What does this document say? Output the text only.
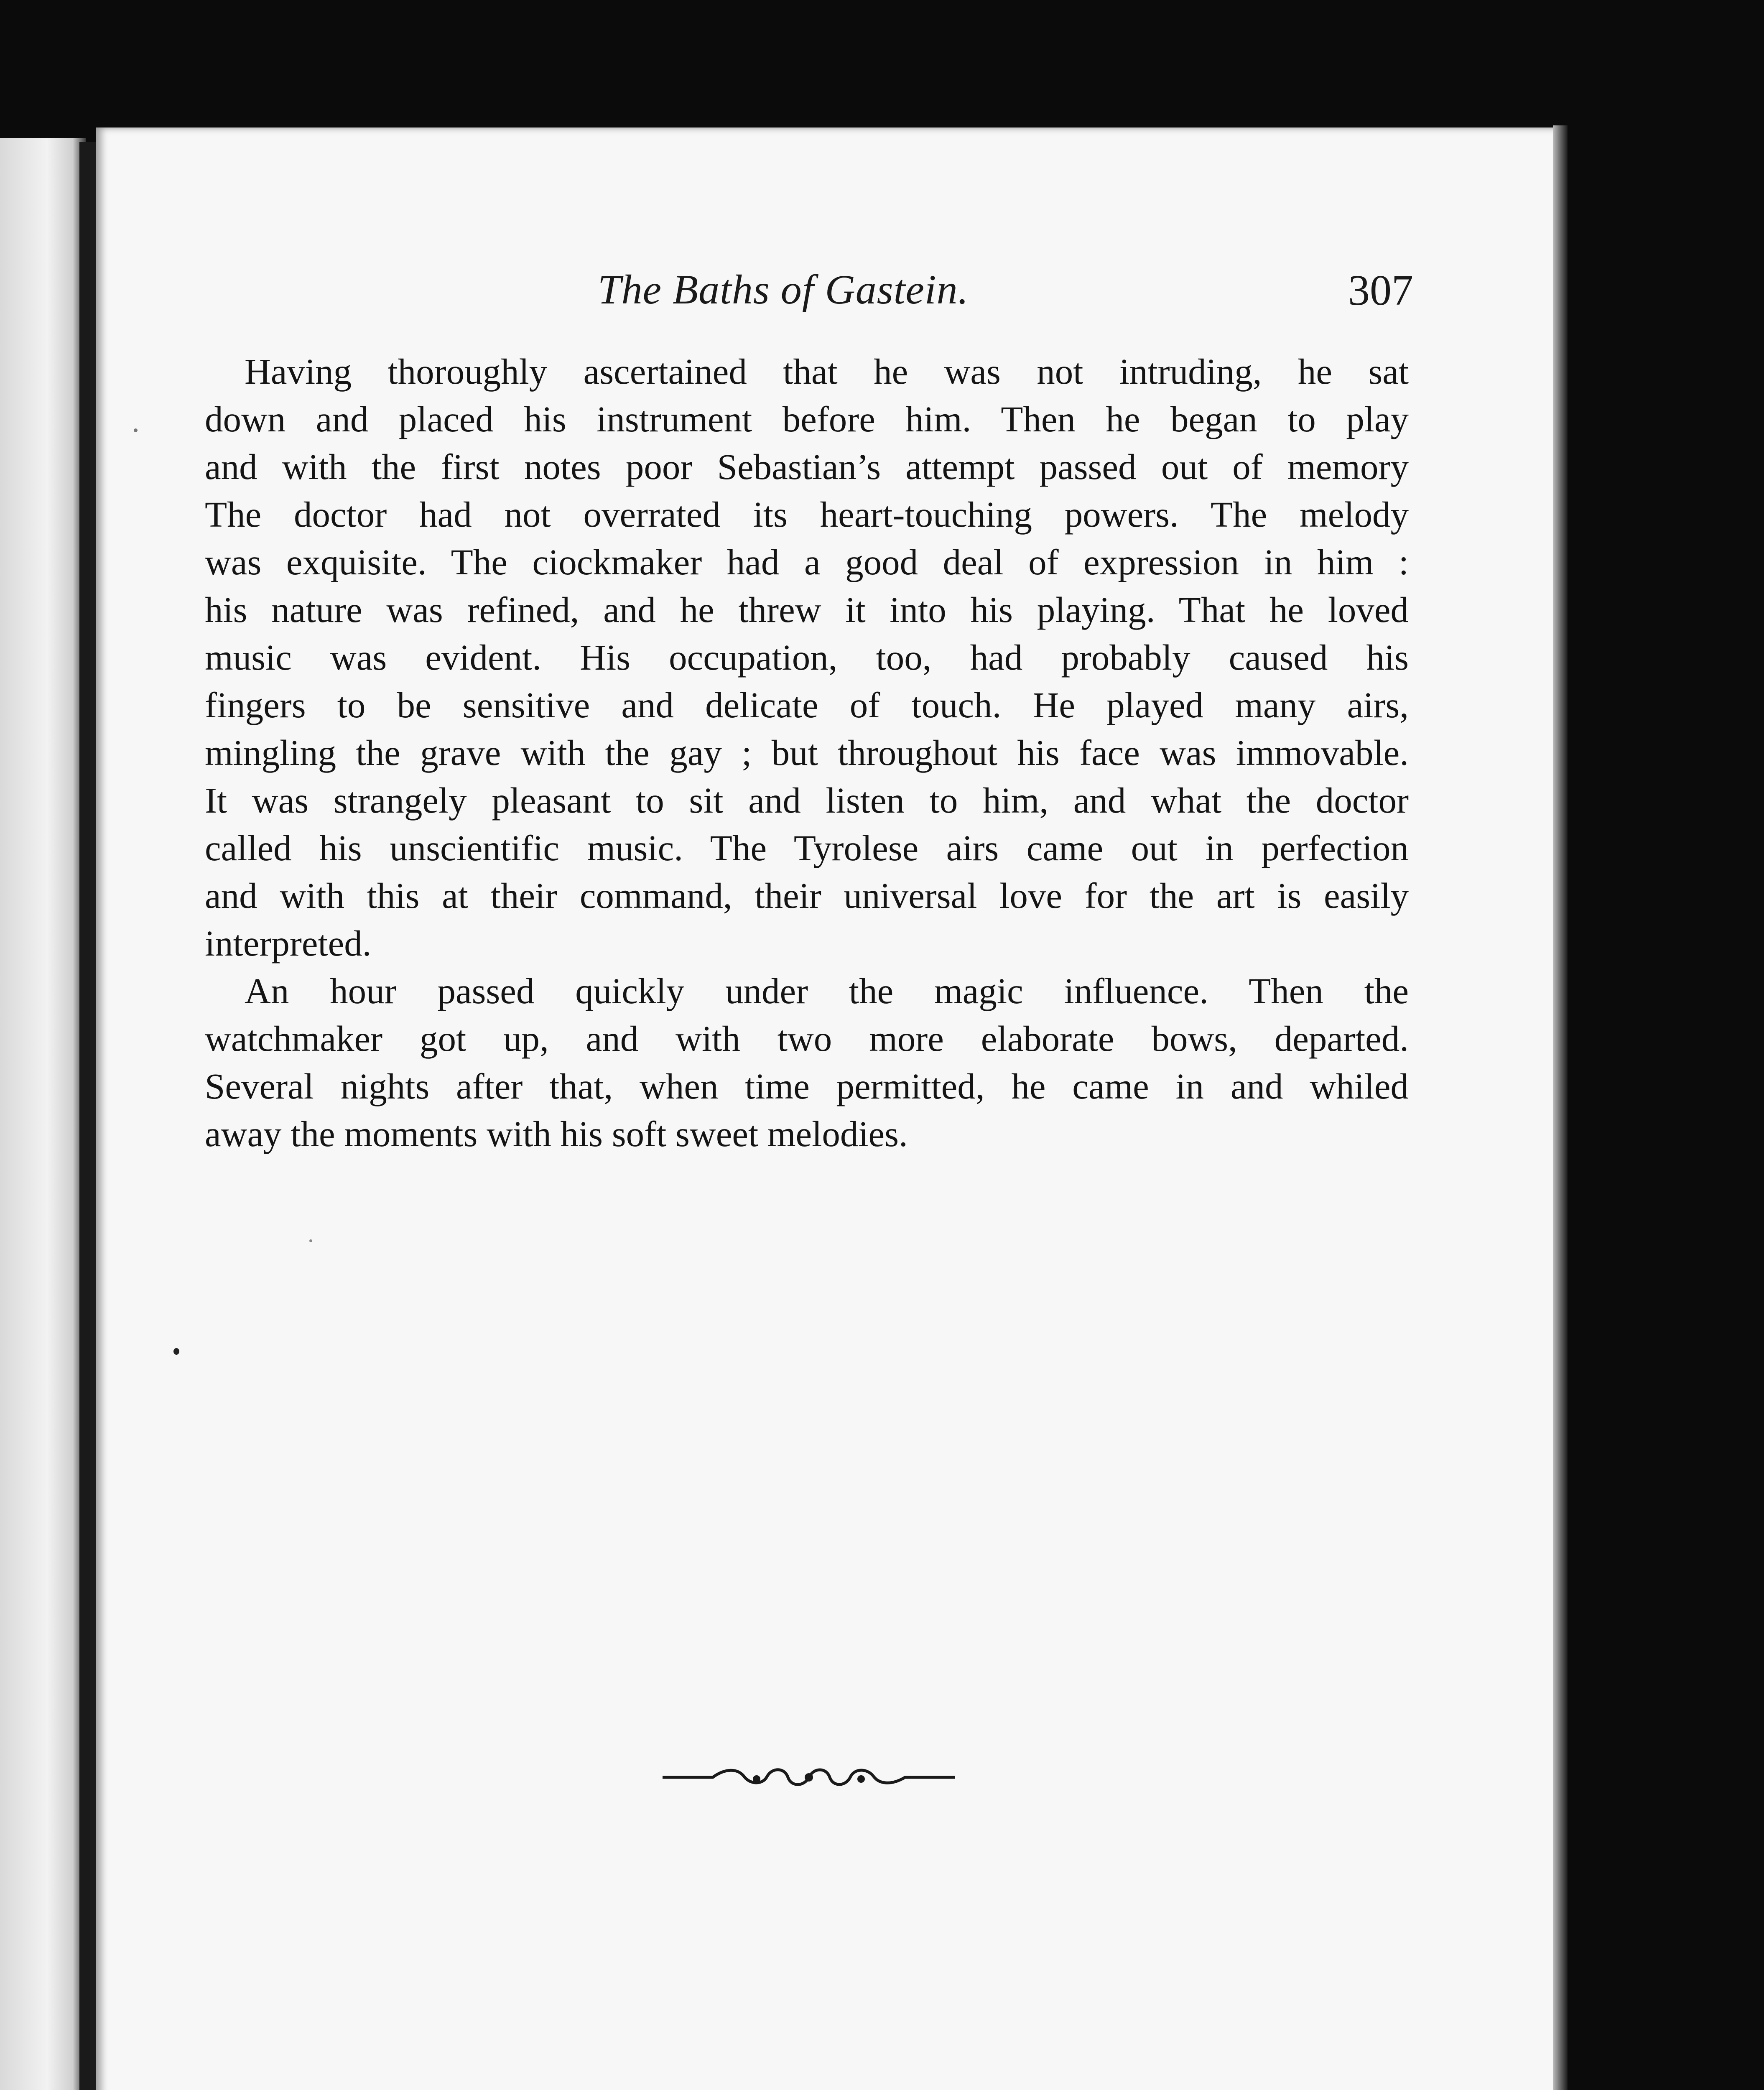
The Baths of Gastein.	307
Having thoroughly ascertained that he was not intruding, he sat
down and placed his instrument before him. Then he began to play
and with the first notes poor Sebastian’s attempt passed out of memory
The doctor had not overrated its heart-touching powers. The melody
was exquisite. The ciockmaker had a good deal of expression in him :
his nature was refined, and he threw it into his playing. That he loved
music was evident. His occupation, too, had probably caused his
fingers to be sensitive and delicate of touch. He played many airs,
mingling the grave with the gay ; but throughout his face was immovable.
It was strangely pleasant to sit and listen to him, and what the doctor
called his unscientific music. The Tyrolese airs came out in perfection
and with this at their command, their universal love for the art is easily
interpreted.
An hour passed quickly under the magic influence. Then the
watchmaker got up, and with two more elaborate bows, departed.
Several nights after that, when time permitted, he came in and whiled
away the moments with his soft sweet melodies.
